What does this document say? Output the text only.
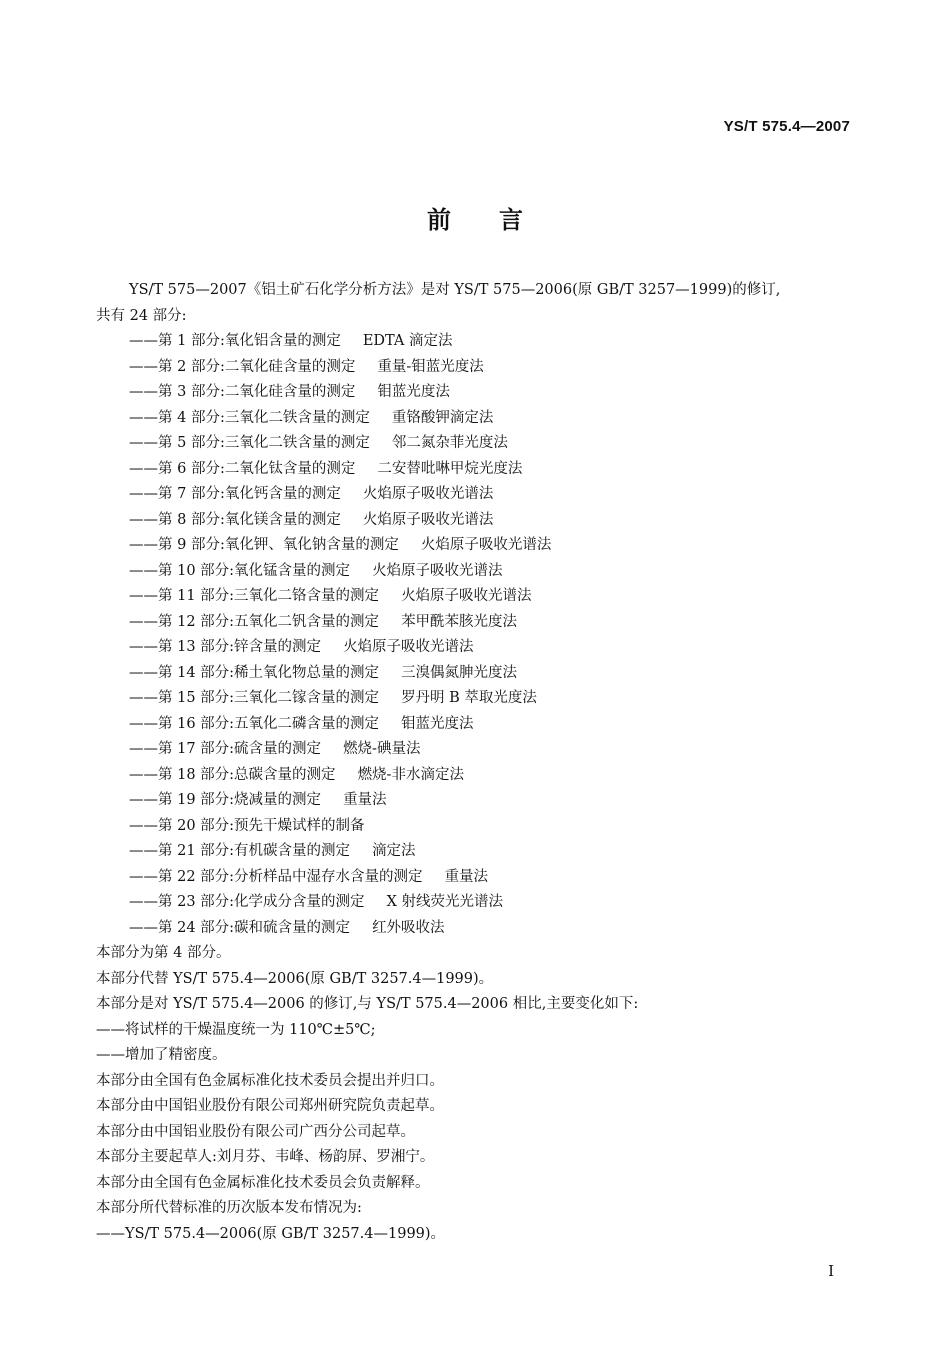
YS/T 575.4—2007
前言
YS/T 575—2007《铝土矿石化学分析方法》是对 YS/T 575—2006(原 GB/T 3257—1999)的修订,
共有 24 部分:
——第 1 部分:氧化铝含量的测定 EDTA 滴定法
——第 2 部分:二氧化硅含量的测定 重量-钼蓝光度法
——第 3 部分:二氧化硅含量的测定 钼蓝光度法
——第 4 部分:三氧化二铁含量的测定 重铬酸钾滴定法
——第 5 部分:三氧化二铁含量的测定 邻二氮杂菲光度法
——第 6 部分:二氧化钛含量的测定 二安替吡啉甲烷光度法
——第 7 部分:氧化钙含量的测定 火焰原子吸收光谱法
——第 8 部分:氧化镁含量的测定 火焰原子吸收光谱法
——第 9 部分:氧化钾、氧化钠含量的测定 火焰原子吸收光谱法
——第 10 部分:氧化锰含量的测定 火焰原子吸收光谱法
——第 11 部分:三氧化二铬含量的测定 火焰原子吸收光谱法
——第 12 部分:五氧化二钒含量的测定 苯甲酰苯胲光度法
——第 13 部分:锌含量的测定 火焰原子吸收光谱法
——第 14 部分:稀土氧化物总量的测定 三溴偶氮胂光度法
——第 15 部分:三氧化二镓含量的测定 罗丹明 B 萃取光度法
——第 16 部分:五氧化二磷含量的测定 钼蓝光度法
——第 17 部分:硫含量的测定 燃烧-碘量法
——第 18 部分:总碳含量的测定 燃烧-非水滴定法
——第 19 部分:烧减量的测定 重量法
——第 20 部分:预先干燥试样的制备
——第 21 部分:有机碳含量的测定 滴定法
——第 22 部分:分析样品中湿存水含量的测定 重量法
——第 23 部分:化学成分含量的测定 X 射线荧光光谱法
——第 24 部分:碳和硫含量的测定 红外吸收法
本部分为第 4 部分。
本部分代替 YS/T 575.4—2006(原 GB/T 3257.4—1999)。
本部分是对 YS/T 575.4—2006 的修订,与 YS/T 575.4—2006 相比,主要变化如下:
——将试样的干燥温度统一为 110℃±5℃;
——增加了精密度。
本部分由全国有色金属标准化技术委员会提出并归口。
本部分由中国铝业股份有限公司郑州研究院负责起草。
本部分由中国铝业股份有限公司广西分公司起草。
本部分主要起草人:刘月芬、韦峰、杨韵屏、罗湘宁。
本部分由全国有色金属标准化技术委员会负责解释。
本部分所代替标准的历次版本发布情况为:
——YS/T 575.4—2006(原 GB/T 3257.4—1999)。
I
